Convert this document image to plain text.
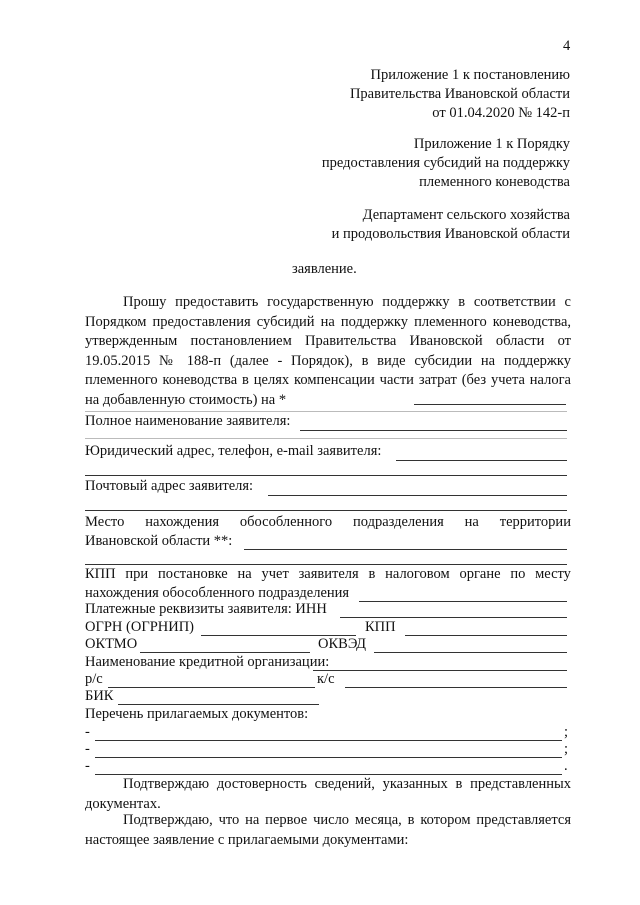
4
Приложение 1 к постановлению
Правительства Ивановской области
от 01.04.2020 № 142-п
Приложение 1 к Порядку
предоставления субсидий на поддержку
племенного коневодства
Департамент сельского хозяйства
и продовольствия Ивановской области
заявление.
Прошу предоставить государственную поддержку в соответствии с Порядком предоставления субсидий на поддержку племенного коневодства, утвержденным постановлением Правительства Ивановской области от 19.05.2015 № 188-п (далее - Порядок), в виде субсидии на поддержку племенного коневодства в целях компенсации части затрат (без учета налога на добавленную стоимость) на *
Полное наименование заявителя:
Юридический адрес, телефон, e-mail заявителя:
Почтовый адрес заявителя:
Место нахождения обособленного подразделения на территории
Ивановской области **:
КПП при постановке на учет заявителя в налоговом органе по месту
нахождения обособленного подразделения
Платежные реквизиты заявителя: ИНН
ОГРН (ОГРНИП)	КПП
ОКТМО	ОКВЭД
Наименование кредитной организации:
р/с	к/с
БИК
Перечень прилагаемых документов:
-	;
-	;
-	.
Подтверждаю достоверность сведений, указанных в представленных документах.
Подтверждаю, что на первое число месяца, в котором представляется настоящее заявление с прилагаемыми документами:
